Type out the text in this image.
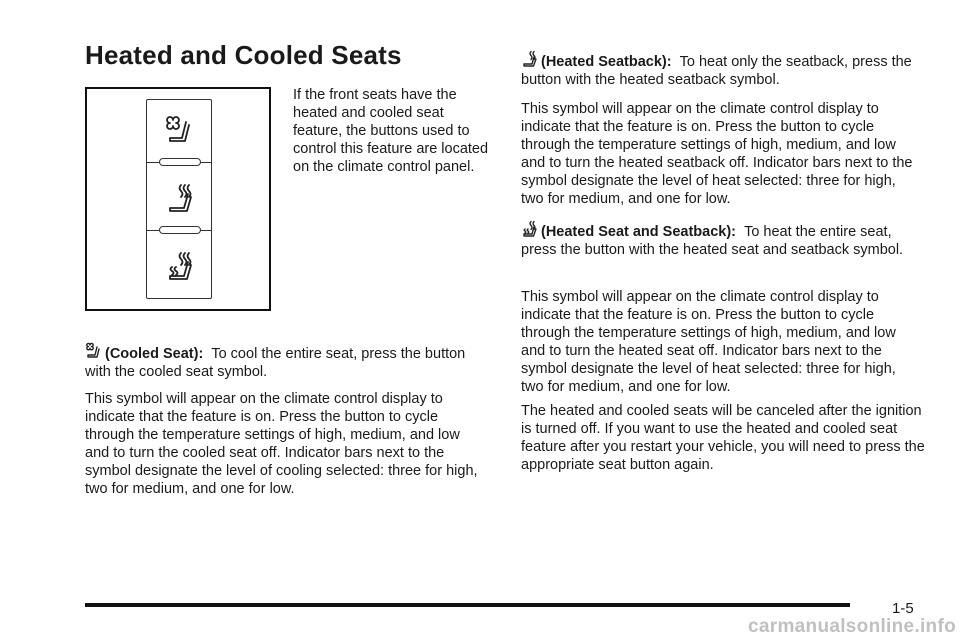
Heated and Cooled Seats

If the front seats have the heated and cooled seat feature, the buttons used to control this feature are located on the climate control panel.

(Cooled Seat): To cool the entire seat, press the button with the cooled seat symbol.

This symbol will appear on the climate control display to indicate that the feature is on. Press the button to cycle through the temperature settings of high, medium, and low and to turn the cooled seat off. Indicator bars next to the symbol designate the level of cooling selected: three for high, two for medium, and one for low.

(Heated Seatback): To heat only the seatback, press the button with the heated seatback symbol.

This symbol will appear on the climate control display to indicate that the feature is on. Press the button to cycle through the temperature settings of high, medium, and low and to turn the heated seatback off. Indicator bars next to the symbol designate the level of heat selected: three for high, two for medium, and one for low.

(Heated Seat and Seatback): To heat the entire seat, press the button with the heated seat and seatback symbol.

This symbol will appear on the climate control display to indicate that the feature is on. Press the button to cycle through the temperature settings of high, medium, and low and to turn the heated seat off. Indicator bars next to the symbol designate the level of heat selected: three for high, two for medium, and one for low.

The heated and cooled seats will be canceled after the ignition is turned off. If you want to use the heated and cooled seat feature after you restart your vehicle, you will need to press the appropriate seat button again.

1-5
carmanualsonline.info
